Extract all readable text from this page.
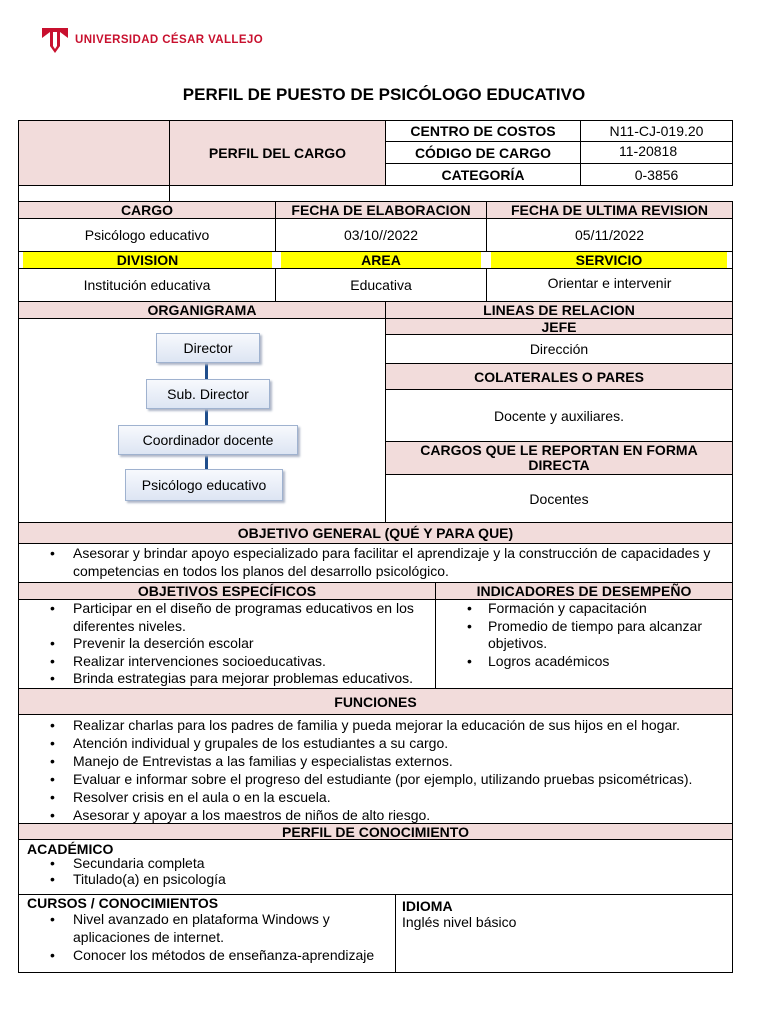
UNIVERSIDAD CÉSAR VALLEJO
PERFIL DE PUESTO DE PSICÓLOGO EDUCATIVO
PERFIL DEL CARGO
CENTRO DE COSTOS	N11-CJ-019.20
CÓDIGO DE CARGO	11-20818
CATEGORÍA	0-3856
CARGO	FECHA DE ELABORACION	FECHA DE ULTIMA REVISION
Psicólogo educativo	03/10//2022	05/11/2022
DIVISION	AREA	SERVICIO
Institución educativa	Educativa	Orientar e intervenir
ORGANIGRAMA
Director
Sub. Director
Coordinador docente
Psicólogo educativo
LINEAS DE RELACION
JEFE
Dirección
COLATERALES O PARES
Docente y auxiliares.
CARGOS QUE LE REPORTAN EN FORMA DIRECTA
Docentes
OBJETIVO GENERAL (QUÉ Y PARA QUE)
• Asesorar y brindar apoyo especializado para facilitar el aprendizaje y la construcción de capacidades y
competencias en todos los planos del desarrollo psicológico.
OBJETIVOS ESPECÍFICOS	INDICADORES DE DESEMPEÑO
• Participar en el diseño de programas educativos en los diferentes niveles.
• Prevenir la deserción escolar
• Realizar intervenciones socioeducativas.
• Brinda estrategias para mejorar problemas educativos.
• Formación y capacitación
• Promedio de tiempo para alcanzar objetivos.
• Logros académicos
FUNCIONES
• Realizar charlas para los padres de familia y pueda mejorar la educación de sus hijos en el hogar.
• Atención individual y grupales de los estudiantes a su cargo.
• Manejo de Entrevistas a las familias y especialistas externos.
• Evaluar e informar sobre el progreso del estudiante (por ejemplo, utilizando pruebas psicométricas).
• Resolver crisis en el aula o en la escuela.
• Asesorar y apoyar a los maestros de niños de alto riesgo.
PERFIL DE CONOCIMIENTO
ACADÉMICO
• Secundaria completa
• Titulado(a) en psicología
CURSOS / CONOCIMIENTOS
• Nivel avanzado en plataforma Windows y aplicaciones de internet.
• Conocer los métodos de enseñanza-aprendizaje
IDIOMA
Inglés nivel básico
